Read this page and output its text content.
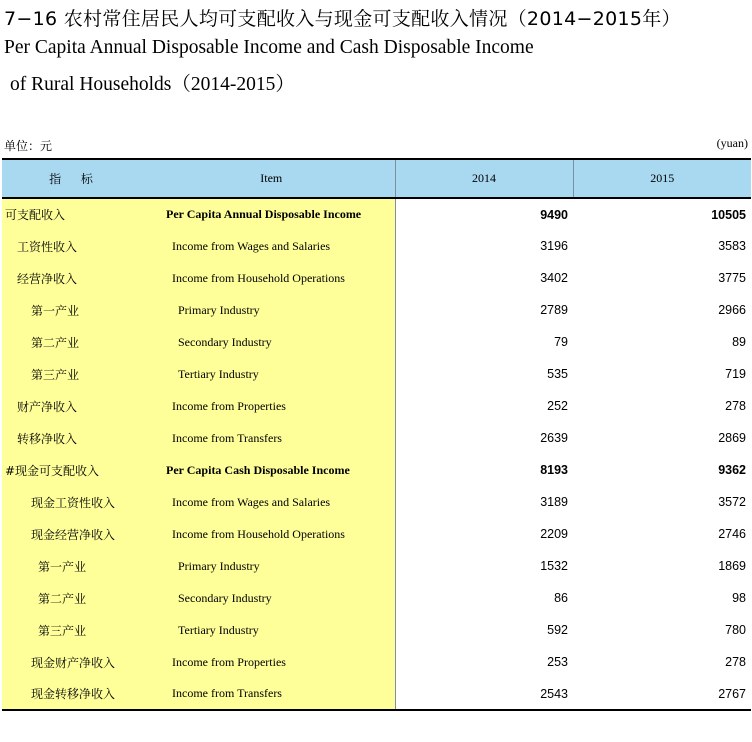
7−16 农村常住居民人均可支配收入与现金可支配收入情况（2014−2015年）
Per Capita Annual Disposable Income and Cash Disposable Income
of Rural Households（2014-2015）
单位：元	(yuan)
指 标	Item	2014	2015
可支配收入	Per Capita Annual Disposable Income	9490	10505
工资性收入	Income from Wages and Salaries	3196	3583
经营净收入	Income from Household Operations	3402	3775
第一产业	Primary Industry	2789	2966
第二产业	Secondary Industry	79	89
第三产业	Tertiary Industry	535	719
财产净收入	Income from Properties	252	278
转移净收入	Income from Transfers	2639	2869
#现金可支配收入	Per Capita Cash Disposable Income	8193	9362
现金工资性收入	Income from Wages and Salaries	3189	3572
现金经营净收入	Income from Household Operations	2209	2746
第一产业	Primary Industry	1532	1869
第二产业	Secondary Industry	86	98
第三产业	Tertiary Industry	592	780
现金财产净收入	Income from Properties	253	278
现金转移净收入	Income from Transfers	2543	2767
